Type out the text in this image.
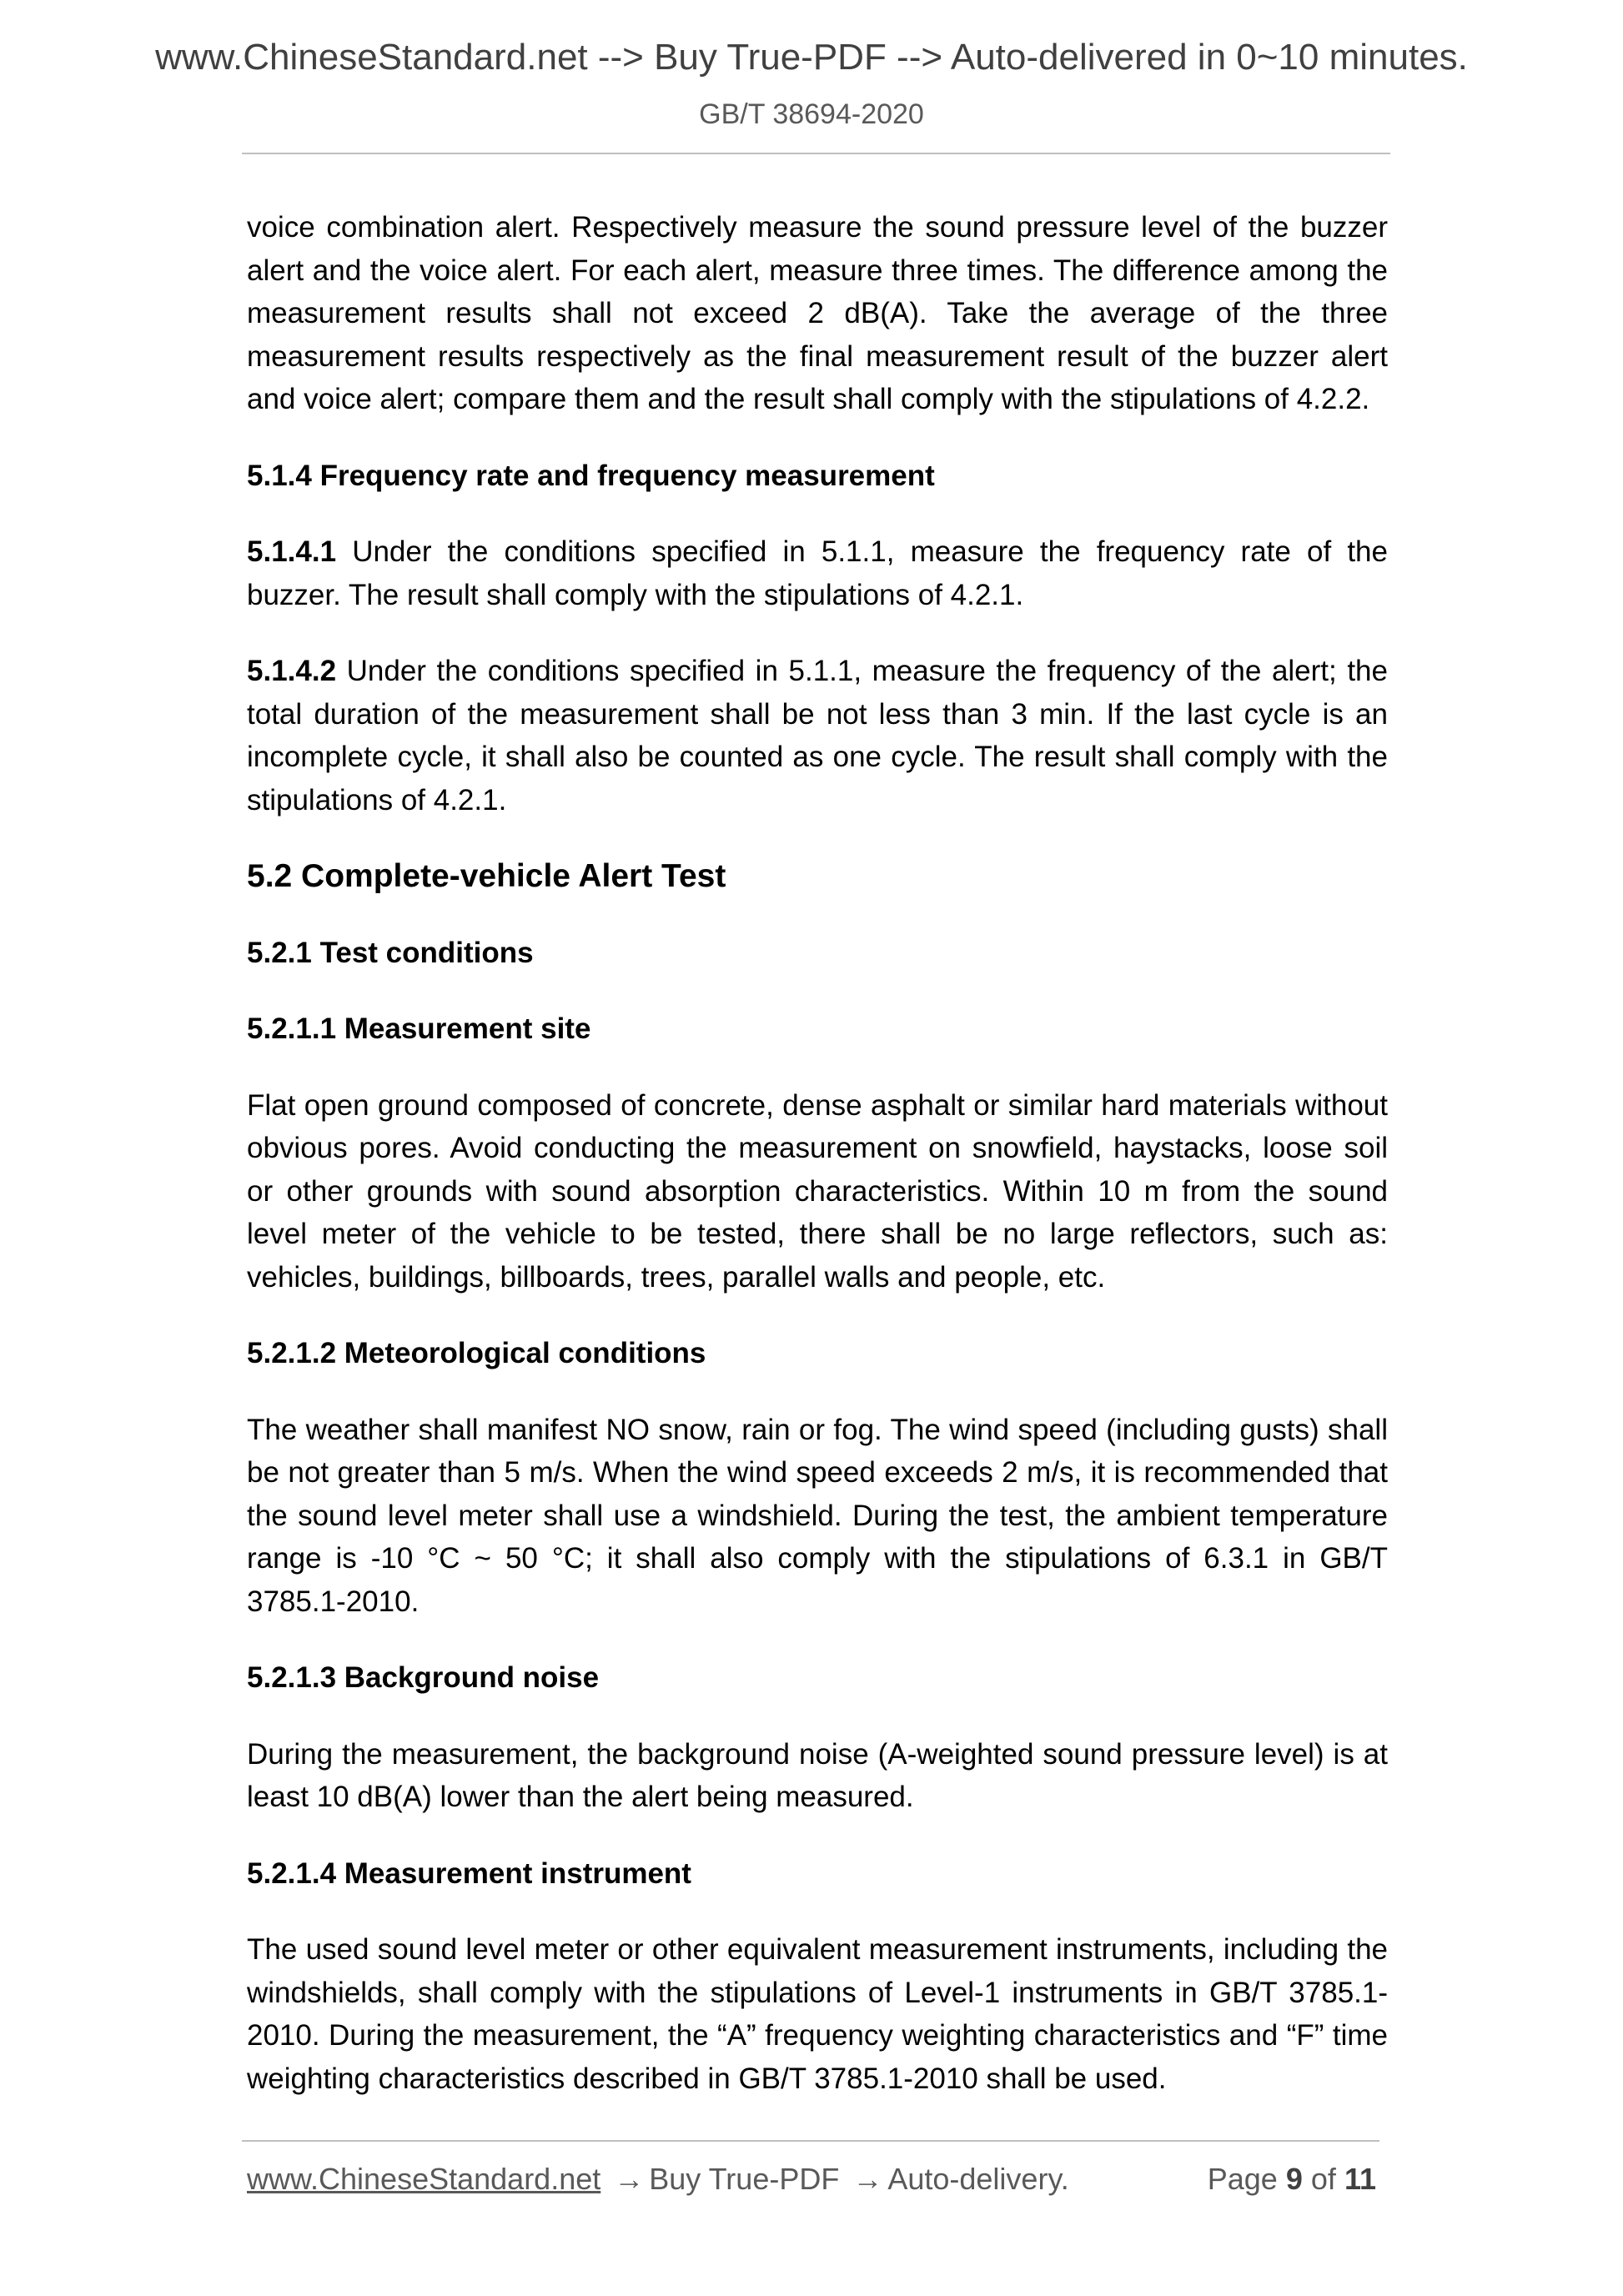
www.ChineseStandard.net --> Buy True-PDF --> Auto-delivered in 0~10 minutes.
GB/T 38694-2020

voice combination alert. Respectively measure the sound pressure level of the buzzer alert and the voice alert. For each alert, measure three times. The difference among the measurement results shall not exceed 2 dB(A). Take the average of the three measurement results respectively as the final measurement result of the buzzer alert and voice alert; compare them and the result shall comply with the stipulations of 4.2.2.

5.1.4 Frequency rate and frequency measurement

5.1.4.1 Under the conditions specified in 5.1.1, measure the frequency rate of the buzzer. The result shall comply with the stipulations of 4.2.1.

5.1.4.2 Under the conditions specified in 5.1.1, measure the frequency of the alert; the total duration of the measurement shall be not less than 3 min. If the last cycle is an incomplete cycle, it shall also be counted as one cycle. The result shall comply with the stipulations of 4.2.1.

5.2 Complete-vehicle Alert Test
5.2.1 Test conditions
5.2.1.1 Measurement site

Flat open ground composed of concrete, dense asphalt or similar hard materials without obvious pores. Avoid conducting the measurement on snowfield, haystacks, loose soil or other grounds with sound absorption characteristics. Within 10 m from the sound level meter of the vehicle to be tested, there shall be no large reflectors, such as: vehicles, buildings, billboards, trees, parallel walls and people, etc.

5.2.1.2 Meteorological conditions

The weather shall manifest NO snow, rain or fog. The wind speed (including gusts) shall be not greater than 5 m/s. When the wind speed exceeds 2 m/s, it is recommended that the sound level meter shall use a windshield. During the test, the ambient temperature range is -10 °C ~ 50 °C; it shall also comply with the stipulations of 6.3.1 in GB/T 3785.1-2010.

5.2.1.3 Background noise

During the measurement, the background noise (A-weighted sound pressure level) is at least 10 dB(A) lower than the alert being measured.

5.2.1.4 Measurement instrument

The used sound level meter or other equivalent measurement instruments, including the windshields, shall comply with the stipulations of Level-1 instruments in GB/T 3785.1-2010. During the measurement, the “A” frequency weighting characteristics and “F” time weighting characteristics described in GB/T 3785.1-2010 shall be used.

www.ChineseStandard.net → Buy True-PDF → Auto-delivery.	Page 9 of 11
